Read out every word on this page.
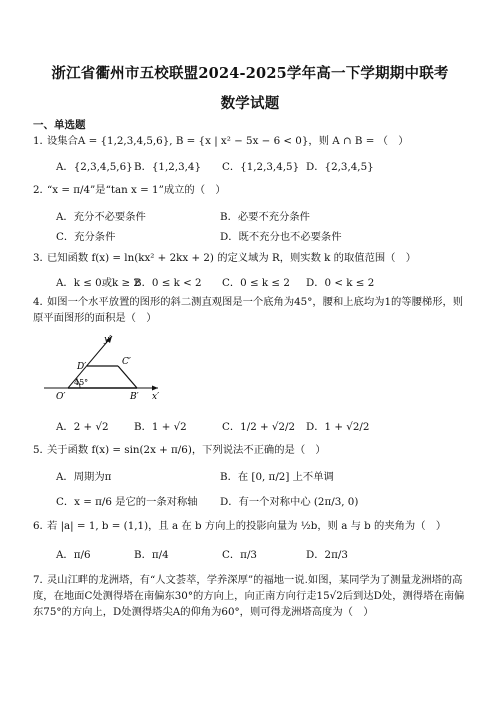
浙江省衢州市五校联盟2024-2025学年高一下学期期中联考
数学试题
一、单选题
1．设集合A = {1,2,3,4,5,6}, B = {x | x² − 5x − 6 < 0}，则 A ∩ B = （　）
A．{2,3,4,5,6} B．{1,2,3,4} C．{1,2,3,4,5} D．{2,3,4,5}
2．“x = π/4”是“tan x = 1”成立的（　）
A．充分不必要条件	B．必要不充分条件
C．充分条件	D．既不充分也不必要条件
3．已知函数 f(x) = ln(kx² + 2kx + 2) 的定义域为 R，则实数 k 的取值范围（　）
A．k ≤ 0或k ≥ 2
B．0 ≤ k < 2 C．0 ≤ k ≤ 2 D．0 < k ≤ 2
4．如图一个水平放置的图形的斜二测直观图是一个底角为45°，腰和上底均为1的等腰梯形，则原平面图形的面积是（　）
y′
x′
O′	B′
C′
D′
45°
A．2 + √2 B．1 + √2	C．1/2 + √2/2 D．1 + √2/2
5．关于函数 f(x) = sin(2x + π/6)，下列说法不正确的是（　）
A．周期为π	B．在 [0, π/2] 上不单调
C．x = π/6 是它的一条对称轴 D．有一个对称中心 (2π/3, 0)
6．若 |a| = 1, b = (1,1)，且 a 在 b 方向上的投影向量为 ½b，则 a 与 b 的夹角为（　）
A．π/6	B．π/4	C．π/3	D．2π/3
7．灵山江畔的龙洲塔，有“人文荟萃，学养深厚”的福地一说.如图，某同学为了测量龙洲塔的高度，在地面C处测得塔在南偏东30°的方向上，向正南方向行走15√2后到达D处，测得塔在南偏东75°的方向上，D处测得塔尖A的仰角为60°，则可得龙洲塔高度为（　）
